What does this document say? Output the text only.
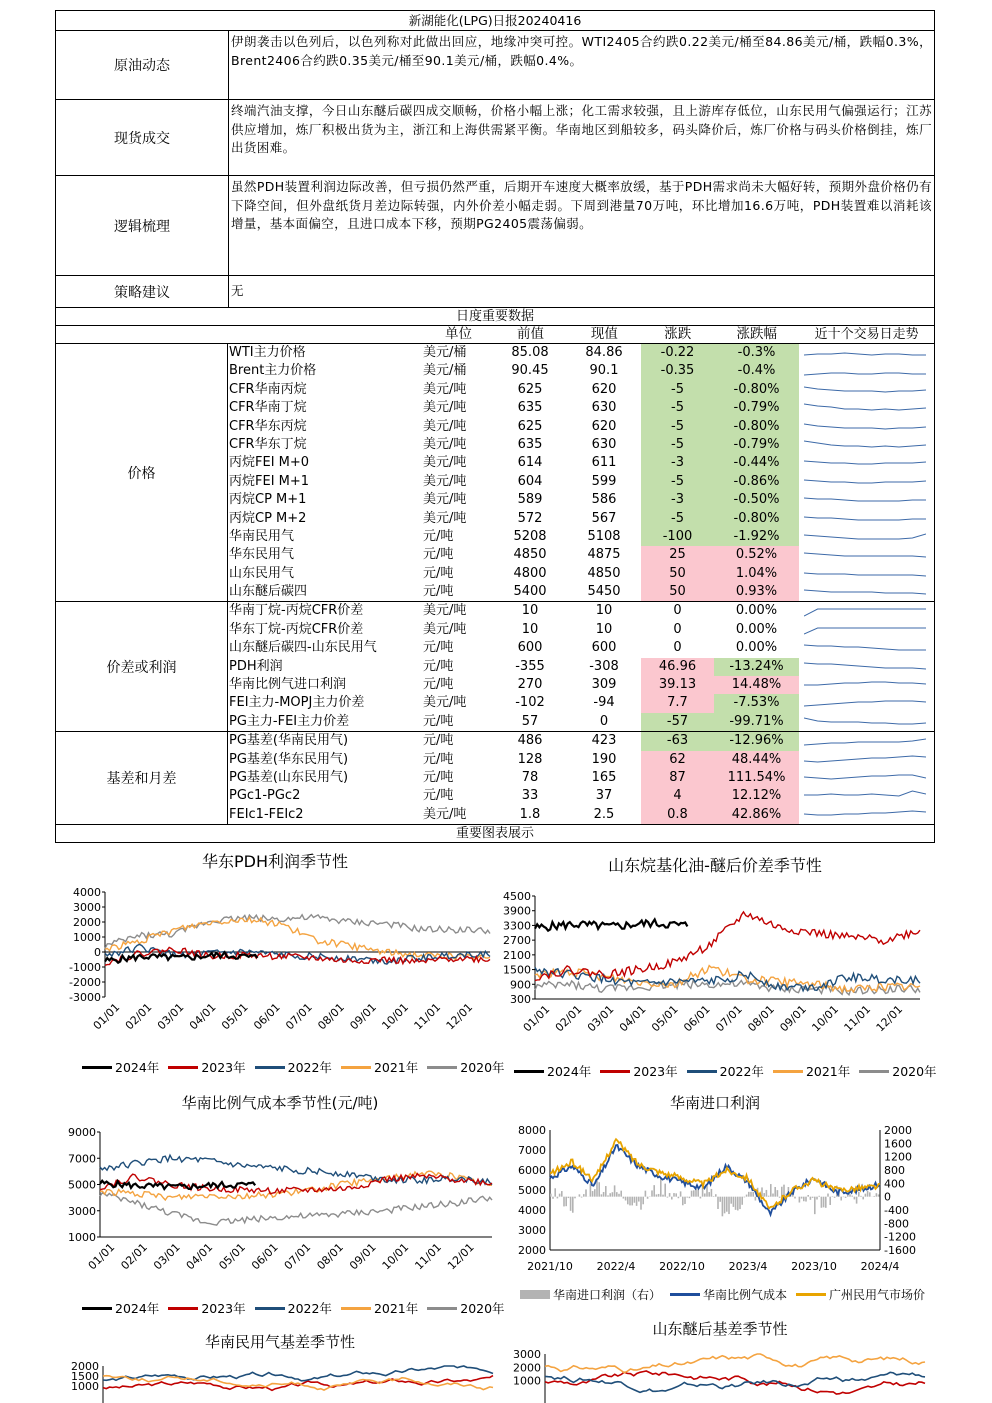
新湖能化(LPG)日报20240416
原油动态
伊朗袭击以色列后，以色列称对此做出回应，地缘冲突可控。WTI2405合约跌0.22美元/桶至84.86美元/桶，跌幅0.3%，Brent2406合约跌0.35美元/桶至90.1美元/桶，跌幅0.4%。
现货成交
终端汽油支撑，今日山东醚后碳四成交顺畅，价格小幅上涨；化工需求较强，且上游库存低位，山东民用气偏强运行；江苏供应增加，炼厂积极出货为主，浙江和上海供需紧平衡。华南地区到船较多，码头降价后，炼厂价格与码头价格倒挂，炼厂出货困难。
逻辑梳理
虽然PDH装置利润边际改善，但亏损仍然严重，后期开车速度大概率放缓，基于PDH需求尚未大幅好转，预期外盘价格仍有下降空间，但外盘纸货月差边际转强，内外价差小幅走弱。下周到港量70万吨，环比增加16.6万吨，PDH装置难以消耗该增量，基本面偏空，且进口成本下移，预期PG2405震荡偏弱。
策略建议	无
日度重要数据
单位	前值	现值	涨跌	涨跌幅	近十个交易日走势
价格
WTI主力价格	美元/桶	85.08	84.86	-0.22	-0.3%
Brent主力价格	美元/桶	90.45	90.1	-0.35	-0.4%
CFR华南丙烷	美元/吨	625	620	-5	-0.80%
CFR华南丁烷	美元/吨	635	630	-5	-0.79%
CFR华东丙烷	美元/吨	625	620	-5	-0.80%
CFR华东丁烷	美元/吨	635	630	-5	-0.79%
丙烷FEI M+0	美元/吨	614	611	-3	-0.44%
丙烷FEI M+1	美元/吨	604	599	-5	-0.86%
丙烷CP M+1	美元/吨	589	586	-3	-0.50%
丙烷CP M+2	美元/吨	572	567	-5	-0.80%
华南民用气	元/吨	5208	5108	-100	-1.92%
华东民用气	元/吨	4850	4875	25	0.52%
山东民用气	元/吨	4800	4850	50	1.04%
山东醚后碳四	元/吨	5400	5450	50	0.93%
价差或利润
华南丁烷-丙烷CFR价差	美元/吨	10	10	0	0.00%
华东丁烷-丙烷CFR价差	美元/吨	10	10	0	0.00%
山东醚后碳四-山东民用气	元/吨	600	600	0	0.00%
PDH利润	元/吨	-355	-308	46.96	-13.24%
华南比例气进口利润	元/吨	270	309	39.13	14.48%
FEI主力-MOPJ主力价差	美元/吨	-102	-94	7.7	-7.53%
PG主力-FEI主力价差	元/吨	57	0	-57	-99.71%
基差和月差
PG基差(华南民用气)	元/吨	486	423	-63	-12.96%
PG基差(华东民用气)	元/吨	128	190	62	48.44%
PG基差(山东民用气)	元/吨	78	165	87	111.54%
PGc1-PGc2	元/吨	33	37	4	12.12%
FEIc1-FEIc2	美元/吨	1.8	2.5	0.8	42.86%
重要图表展示
华东PDH利润季节性
4000
3000
2000
1000
0
-1000
-2000
-3000
01/01 02/01 03/01 04/01 05/01 06/01 07/01 08/01 09/01 10/01 11/01 12/01
2024年	2023年	2022年	2021年	2020年
山东烷基化油-醚后价差季节性
4500
3900
3300
2700
2100
1500
900
300
01/01 02/01 03/01 04/01 05/01 06/01 07/01 08/01 09/01 10/01 11/01 12/01
2024年	2023年	2022年	2021年	2020年
华南比例气成本季节性(元/吨)
9000
7000
5000
3000
1000
01/01 02/01 03/01 04/01 05/01 06/01 07/01 08/01 09/01 10/01 11/01 12/01
2024年	2023年	2022年	2021年	2020年
华南进口利润
8000
7000
6000
5000
4000
3000
2000
2000
1600
1200
800
400
0
-400
-800
-1200
-1600
2021/10 2022/4 2022/10 2023/4 2023/10 2024/4
华南进口利润（右）	华南比例气成本	广州民用气市场价
华南民用气基差季节性
2000
1500
1000
山东醚后基差季节性
3000
2000
1000
